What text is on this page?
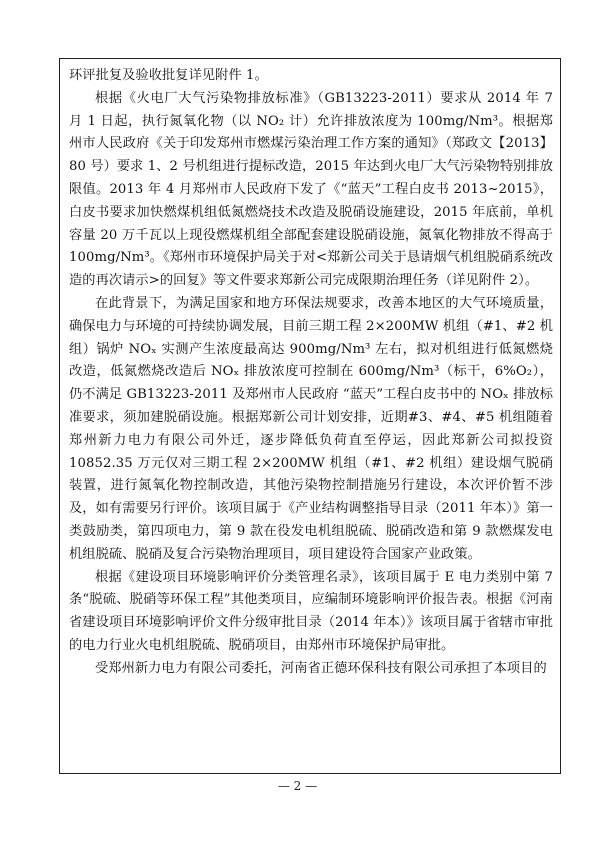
环评批复及验收批复详见附件 1。

根据《火电厂大气污染物排放标准》（GB13223-2011）要求从 2014 年 7 月 1 日起，执行氮氧化物（以 NO₂ 计）允许排放浓度为 100mg/Nm³。根据郑州市人民政府《关于印发郑州市燃煤污染治理工作方案的通知》（郑政文【2013】80 号）要求 1、2 号机组进行提标改造，2015 年达到火电厂大气污染物特别排放限值。2013 年 4 月郑州市人民政府下发了《“蓝天”工程白皮书 2013~2015》，白皮书要求加快燃煤机组低氮燃烧技术改造及脱硝设施建设，2015 年底前，单机容量 20 万千瓦以上现役燃煤机组全部配套建设脱硝设施，氮氧化物排放不得高于 100mg/Nm³。《郑州市环境保护局关于对<郑新公司关于恳请烟气机组脱硝系统改造的再次请示>的回复》等文件要求郑新公司完成限期治理任务（详见附件 2）。

在此背景下，为满足国家和地方环保法规要求，改善本地区的大气环境质量，确保电力与环境的可持续协调发展，目前三期工程 2×200MW 机组（#1、#2 机组）锅炉 NOₓ 实测产生浓度最高达 900mg/Nm³ 左右，拟对机组进行低氮燃烧改造，低氮燃烧改造后 NOₓ 排放浓度可控制在 600mg/Nm³（标干，6%O₂），仍不满足 GB13223-2011 及郑州市人民政府 “蓝天”工程白皮书中的 NOₓ 排放标准要求，须加建脱硝设施。根据郑新公司计划安排，近期#3、#4、#5 机组随着郑州新力电力有限公司外迁，逐步降低负荷直至停运，因此郑新公司拟投资 10852.35 万元仅对三期工程 2×200MW 机组（#1、#2 机组）建设烟气脱硝装置，进行氮氧化物控制改造，其他污染物控制措施另行建设，本次评价暂不涉及，如有需要另行评价。该项目属于《产业结构调整指导目录（2011 年本）》第一类鼓励类，第四项电力，第 9 款在役发电机组脱硫、脱硝改造和第 9 款燃煤发电机组脱硫、脱硝及复合污染物治理项目，项目建设符合国家产业政策。

根据《建设项目环境影响评价分类管理名录》，该项目属于 E 电力类别中第 7 条“脱硫、脱硝等环保工程”其他类项目，应编制环境影响评价报告表。根据《河南省建设项目环境影响评价文件分级审批目录（2014 年本）》该项目属于省辖市审批的电力行业火电机组脱硫、脱硝项目，由郑州市环境保护局审批。

受郑州新力电力有限公司委托，河南省正德环保科技有限公司承担了本项目的

— 2 —
